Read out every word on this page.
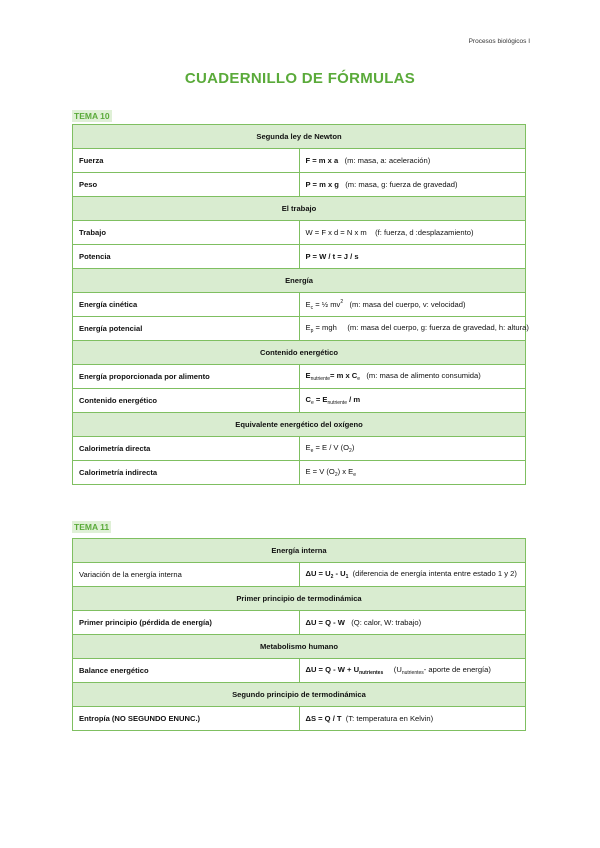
Procesos biológicos I
CUADERNILLO DE FÓRMULAS
TEMA 10
Segunda ley de Newton	
Fuerza	F = m x a (m: masa, a: aceleración)
Peso	P = m x g (m: masa, g: fuerza de gravedad)
El trabajo	
Trabajo	W = F x d = N x m (f: fuerza, d :desplazamiento)
Potencia	P = W / t = J / s
Energía	
Energía cinética	$E_c$ = ½ $mv^2$ (m: masa del cuerpo, v: velocidad)
Energía potencial	$E_p$ = mgh (m: masa del cuerpo, g: fuerza de gravedad, h: altura)
Contenido energético	
Energía proporcionada por alimento	$E_{nutriente}= m$ x $C_e$ (m: masa de alimento consumida)
Contenido energético	$C_e = E_{nutriente} / m$
Equivalente energético del oxígeno	
Calorimetría directa	$E_e = E / V$ $(O_2)$
Calorimetría indirecta	E = V $(O_2)$ x $E_e$
TEMA 11
Energía interna	
Variación de la energía interna	$\Delta U = U_2 - U_1$ (diferencia de energía intenta entre estado 1 y 2)
Primer principio de termodinámica	
Primer principio (pérdida de energía)	ΔU = Q - W (Q: calor, W: trabajo)
Metabolismo humano	
Balance energético	$\Delta U = Q - W + U_{nutrientes}$ ($U_{nutrientes}-$ aporte de energía)
Segundo principio de termodinámica	
Entropía (NO SEGUNDO ENUNC.)	ΔS = Q / T (T: temperatura en Kelvin)
